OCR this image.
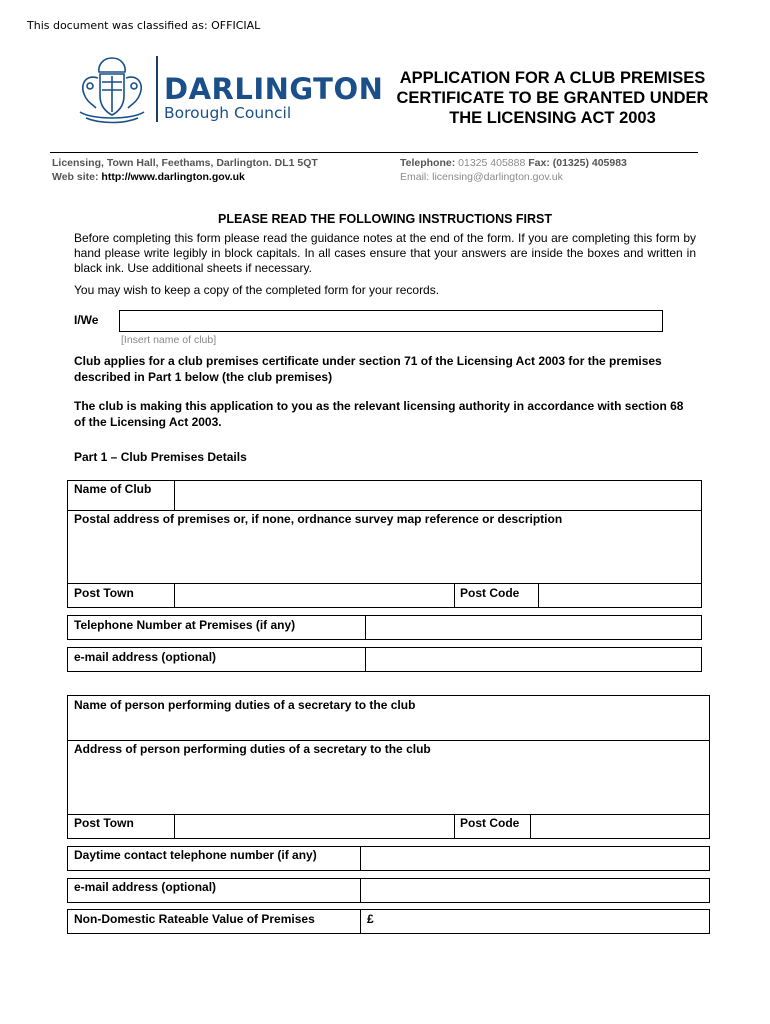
This document was classified as: OFFICIAL
DARLINGTON
Borough Council
APPLICATION FOR A CLUB PREMISES CERTIFICATE TO BE GRANTED UNDER THE LICENSING ACT 2003
Licensing, Town Hall, Feethams, Darlington. DL1 5QT
Web site: http://www.darlington.gov.uk
Telephone: 01325 405888 Fax: (01325) 405983
Email: licensing@darlington.gov.uk
PLEASE READ THE FOLLOWING INSTRUCTIONS FIRST
Before completing this form please read the guidance notes at the end of the form. If you are completing this form by hand please write legibly in block capitals. In all cases ensure that your answers are inside the boxes and written in black ink. Use additional sheets if necessary.
You may wish to keep a copy of the completed form for your records.
I/We
[Insert name of club]
Club applies for a club premises certificate under section 71 of the Licensing Act 2003 for the premises described in Part 1 below (the club premises)
The club is making this application to you as the relevant licensing authority in accordance with section 68 of the Licensing Act 2003.
Part 1 – Club Premises Details
Name of Club
Postal address of premises or, if none, ordnance survey map reference or description
Post Town	Post Code
Telephone Number at Premises (if any)
e-mail address (optional)
Name of person performing duties of a secretary to the club
Address of person performing duties of a secretary to the club
Post Town	Post Code
Daytime contact telephone number (if any)
e-mail address (optional)
Non-Domestic Rateable Value of Premises	£
